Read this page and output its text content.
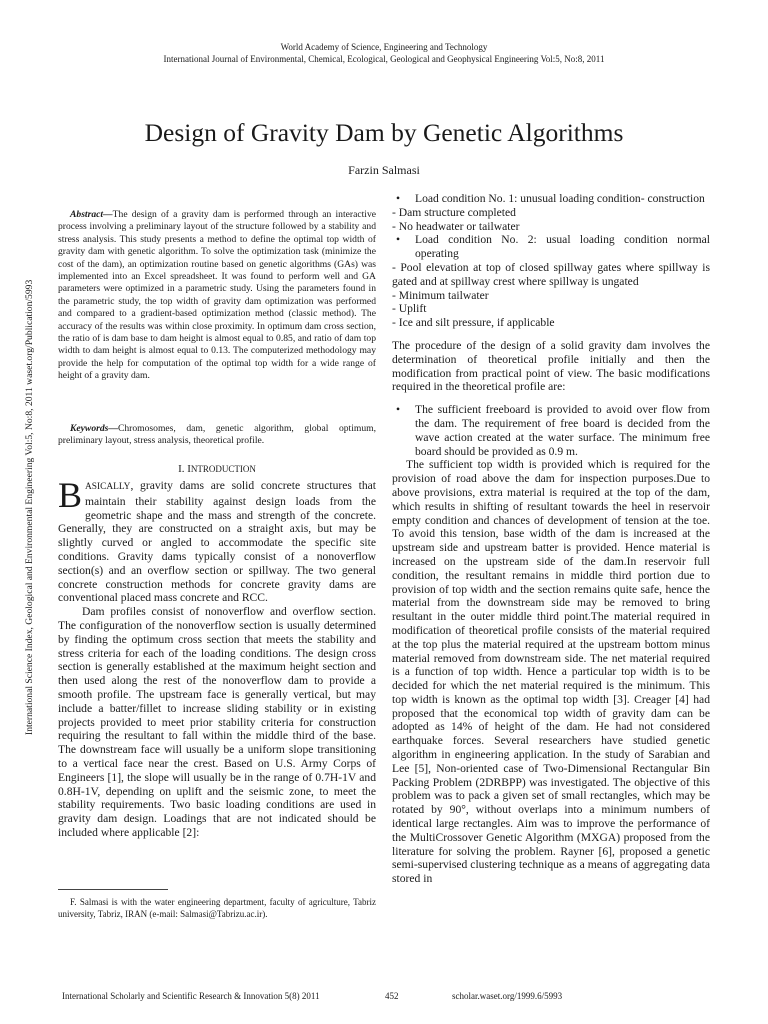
World Academy of Science, Engineering and Technology
International Journal of Environmental, Chemical, Ecological, Geological and Geophysical Engineering Vol:5, No:8, 2011
Design of Gravity Dam by Genetic Algorithms
Farzin Salmasi
International Science Index, Geological and Environmental Engineering Vol:5, No:8, 2011 waset.org/Publication/5993
Abstract—The design of a gravity dam is performed through an interactive process involving a preliminary layout of the structure followed by a stability and stress analysis. This study presents a method to define the optimal top width of gravity dam with genetic algorithm. To solve the optimization task (minimize the cost of the dam), an optimization routine based on genetic algorithms (GAs) was implemented into an Excel spreadsheet. It was found to perform well and GA parameters were optimized in a parametric study. Using the parameters found in the parametric study, the top width of gravity dam optimization was performed and compared to a gradient-based optimization method (classic method). The accuracy of the results was within close proximity. In optimum dam cross section, the ratio of is dam base to dam height is almost equal to 0.85, and ratio of dam top width to dam height is almost equal to 0.13. The computerized methodology may provide the help for computation of the optimal top width for a wide range of height of a gravity dam.
Keywords—Chromosomes, dam, genetic algorithm, global optimum, preliminary layout, stress analysis, theoretical profile.
I. INTRODUCTION

BASICALLY, gravity dams are solid concrete structures that maintain their stability against design loads from the geometric shape and the mass and strength of the concrete. Generally, they are constructed on a straight axis, but may be slightly curved or angled to accommodate the specific site conditions. Gravity dams typically consist of a nonoverflow section(s) and an overflow section or spillway. The two general concrete construction methods for concrete gravity dams are conventional placed mass concrete and RCC.

Dam profiles consist of nonoverflow and overflow section. The configuration of the nonoverflow section is usually determined by finding the optimum cross section that meets the stability and stress criteria for each of the loading conditions. The design cross section is generally established at the maximum height section and then used along the rest of the nonoverflow dam to provide a smooth profile. The upstream face is generally vertical, but may include a batter/fillet to increase sliding stability or in existing projects provided to meet prior stability criteria for construction requiring the resultant to fall within the middle third of the base. The downstream face will usually be a uniform slope transitioning to a vertical face near the crest. Based on U.S. Army Corps of Engineers [1], the slope will usually be in the range of 0.7H-1V and 0.8H-1V, depending on uplift and the seismic zone, to meet the stability requirements. Two basic loading conditions are used in gravity dam design. Loadings that are not indicated should be included where applicable [2]:

F. Salmasi is with the water engineering department, faculty of agriculture, Tabriz university, Tabriz, IRAN (e-mail: Salmasi@Tabrizu.ac.ir).

• Load condition No. 1: unusual loading condition- construction

- Dam structure completed

- No headwater or tailwater

• Load condition No. 2: usual loading condition normal operating

- Pool elevation at top of closed spillway gates where spillway is gated and at spillway crest where spillway is ungated

- Minimum tailwater

- Uplift

- Ice and silt pressure, if applicable

The procedure of the design of a solid gravity dam involves the determination of theoretical profile initially and then the modification from practical point of view. The basic modifications required in the theoretical profile are:

• The sufficient freeboard is provided to avoid over flow from the dam. The requirement of free board is decided from the wave action created at the water surface. The minimum free board should be provided as 0.9 m.

The sufficient top width is provided which is required for the provision of road above the dam for inspection purposes.Due to above provisions, extra material is required at the top of the dam, which results in shifting of resultant towards the heel in reservoir empty condition and chances of development of tension at the toe. To avoid this tension, base width of the dam is increased at the upstream side and upstream batter is provided. Hence material is increased on the upstream side of the dam.In reservoir full condition, the resultant remains in middle third portion due to provision of top width and the section remains quite safe, hence the material from the downstream side may be removed to bring resultant in the outer middle third point.The material required in modification of theoretical profile consists of the material required at the top plus the material required at the upstream bottom minus material removed from downstream side. The net material required is a function of top width. Hence a particular top width is to be decided for which the net material required is the minimum. This top width is known as the optimal top width [3]. Creager [4] had proposed that the economical top width of gravity dam can be adopted as 14% of height of the dam. He had not considered earthquake forces. Several researchers have studied genetic algorithm in engineering application. In the study of Sarabian and Lee [5], Non-oriented case of Two-Dimensional Rectangular Bin Packing Problem (2DRBPP) was investigated. The objective of this problem was to pack a given set of small rectangles, which may be rotated by 90°, without overlaps into a minimum numbers of identical large rectangles. Aim was to improve the performance of the MultiCrossover Genetic Algorithm (MXGA) proposed from the literature for solving the problem. Rayner [6], proposed a genetic semi-supervised clustering technique as a means of aggregating data stored in

International Scholarly and Scientific Research & Innovation 5(8) 2011	452	scholar.waset.org/1999.6/5993
